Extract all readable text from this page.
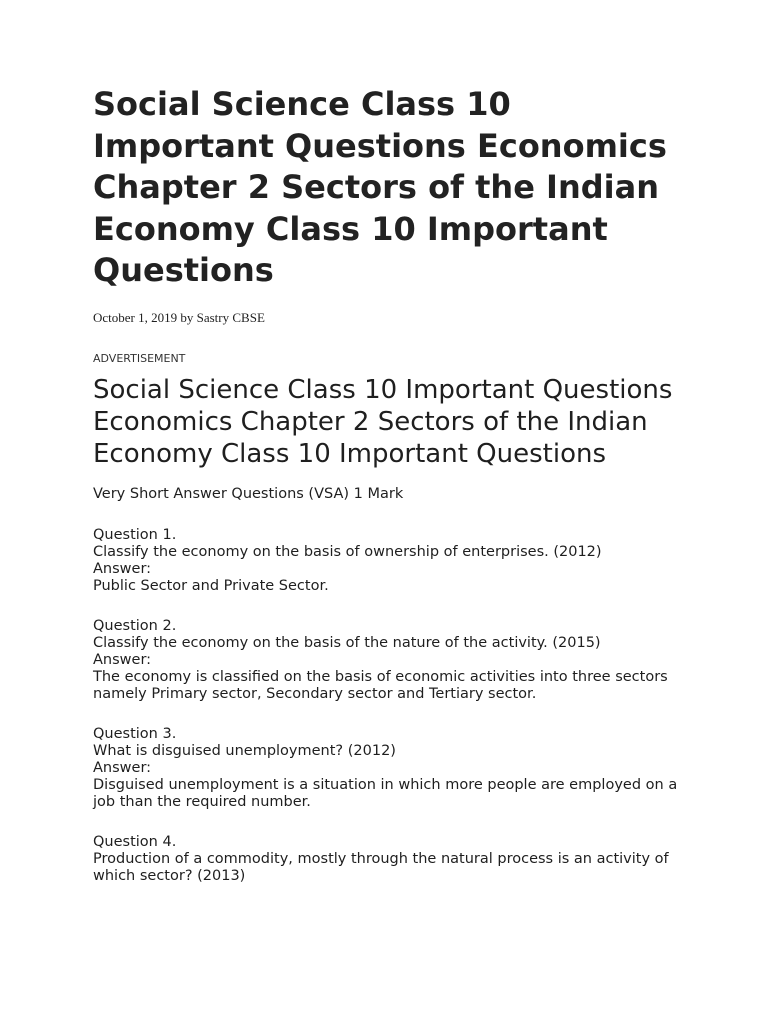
Social Science Class 10 Important Questions Economics Chapter 2 Sectors of the Indian Economy Class 10 Important Questions
October 1, 2019 by Sastry CBSE
ADVERTISEMENT
Social Science Class 10 Important Questions Economics Chapter 2 Sectors of the Indian Economy Class 10 Important Questions
Very Short Answer Questions (VSA) 1 Mark
Question 1.
Classify the economy on the basis of ownership of enterprises. (2012)
Answer:
Public Sector and Private Sector.
Question 2.
Classify the economy on the basis of the nature of the activity. (2015)
Answer:
The economy is classified on the basis of economic activities into three sectors namely Primary sector, Secondary sector and Tertiary sector.
Question 3.
What is disguised unemployment? (2012)
Answer:
Disguised unemployment is a situation in which more people are employed on a job than the required number.
Question 4.
Production of a commodity, mostly through the natural process is an activity of which sector? (2013)
